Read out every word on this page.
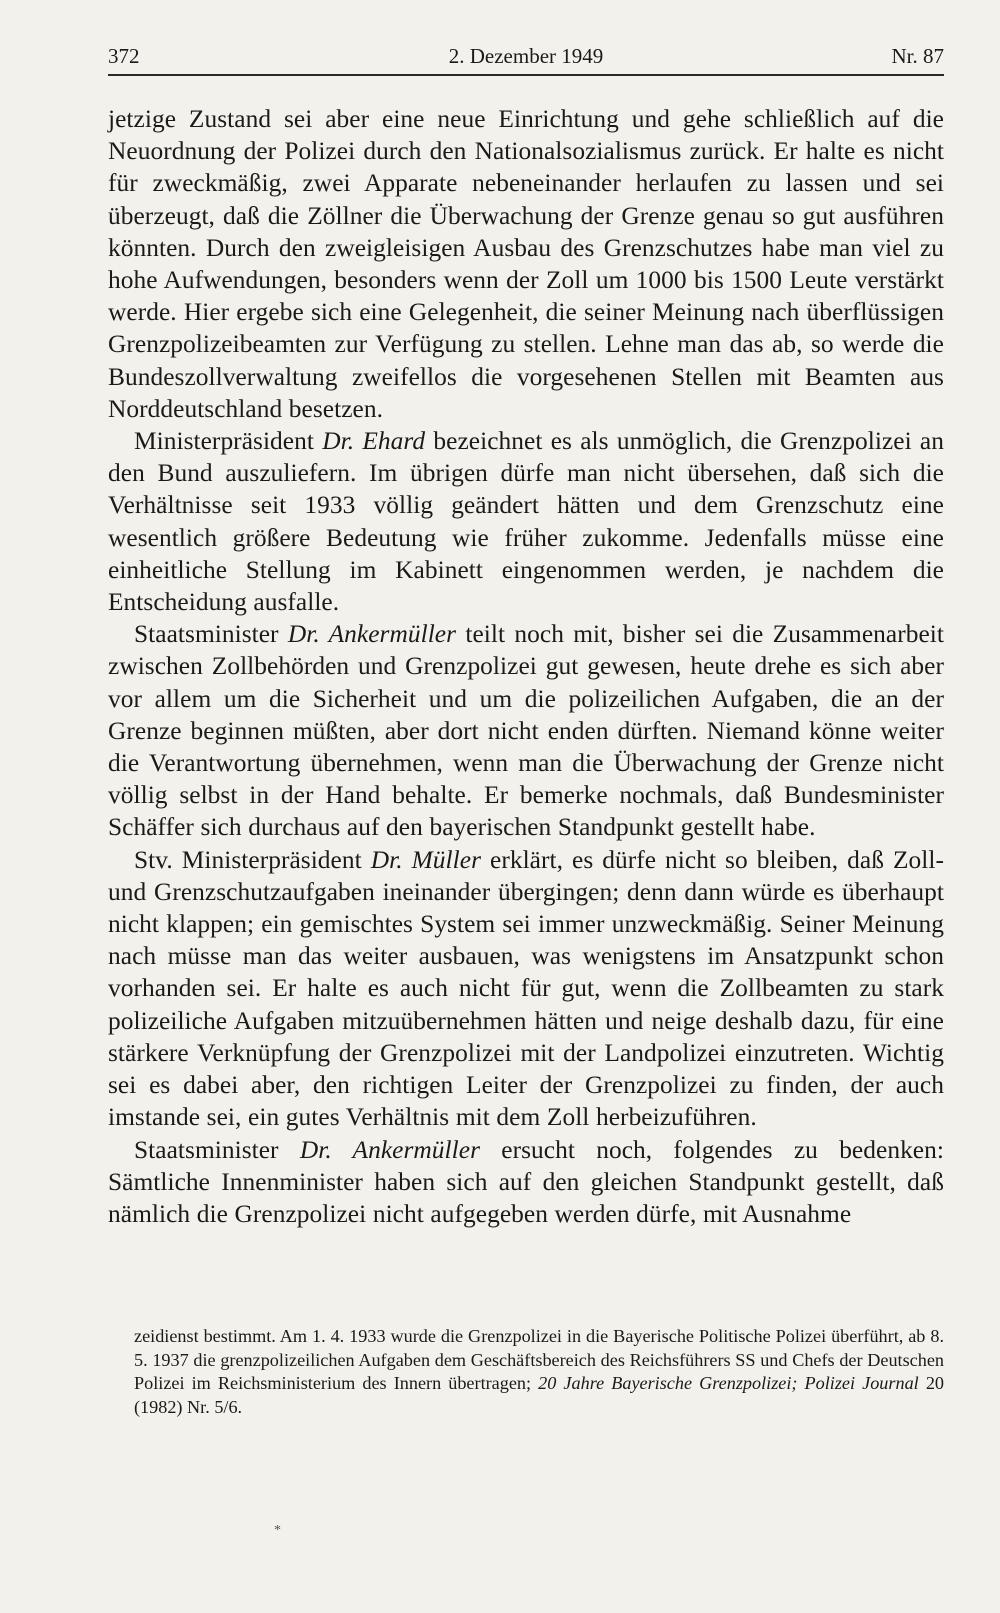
372	2. Dezember 1949	Nr. 87

jetzige Zustand sei aber eine neue Einrichtung und gehe schließlich auf die Neuordnung der Polizei durch den Nationalsozialismus zurück. Er halte es nicht für zweckmäßig, zwei Apparate nebeneinander herlaufen zu lassen und sei überzeugt, daß die Zöllner die Überwachung der Grenze genau so gut ausführen könnten. Durch den zweigleisigen Ausbau des Grenzschutzes habe man viel zu hohe Aufwendungen, besonders wenn der Zoll um 1000 bis 1500 Leute verstärkt werde. Hier ergebe sich eine Gelegenheit, die seiner Meinung nach überflüssigen Grenzpolizeibeamten zur Verfügung zu stellen. Lehne man das ab, so werde die Bundeszollverwaltung zweifellos die vorgesehenen Stellen mit Beamten aus Norddeutschland besetzen.

Ministerpräsident Dr. Ehard bezeichnet es als unmöglich, die Grenzpolizei an den Bund auszuliefern. Im übrigen dürfe man nicht übersehen, daß sich die Verhältnisse seit 1933 völlig geändert hätten und dem Grenzschutz eine wesentlich größere Bedeutung wie früher zukomme. Jedenfalls müsse eine einheitliche Stellung im Kabinett eingenommen werden, je nachdem die Entscheidung ausfalle.

Staatsminister Dr. Ankermüller teilt noch mit, bisher sei die Zusammenarbeit zwischen Zollbehörden und Grenzpolizei gut gewesen, heute drehe es sich aber vor allem um die Sicherheit und um die polizeilichen Aufgaben, die an der Grenze beginnen müßten, aber dort nicht enden dürften. Niemand könne weiter die Verantwortung übernehmen, wenn man die Überwachung der Grenze nicht völlig selbst in der Hand behalte. Er bemerke nochmals, daß Bundesminister Schäffer sich durchaus auf den bayerischen Standpunkt gestellt habe.

Stv. Ministerpräsident Dr. Müller erklärt, es dürfe nicht so bleiben, daß Zoll- und Grenzschutzaufgaben ineinander übergingen; denn dann würde es überhaupt nicht klappen; ein gemischtes System sei immer unzweckmäßig. Seiner Meinung nach müsse man das weiter ausbauen, was wenigstens im Ansatzpunkt schon vorhanden sei. Er halte es auch nicht für gut, wenn die Zollbeamten zu stark polizeiliche Aufgaben mitzuübernehmen hätten und neige deshalb dazu, für eine stärkere Verknüpfung der Grenzpolizei mit der Landpolizei einzutreten. Wichtig sei es dabei aber, den richtigen Leiter der Grenzpolizei zu finden, der auch imstande sei, ein gutes Verhältnis mit dem Zoll herbeizuführen.

Staatsminister Dr. Ankermüller ersucht noch, folgendes zu bedenken: Sämtliche Innenminister haben sich auf den gleichen Standpunkt gestellt, daß nämlich die Grenzpolizei nicht aufgegeben werden dürfe, mit Ausnahme

zeidienst bestimmt. Am 1. 4. 1933 wurde die Grenzpolizei in die Bayerische Politische Polizei überführt, ab 8. 5. 1937 die grenzpolizeilichen Aufgaben dem Geschäftsbereich des Reichsführers SS und Chefs der Deutschen Polizei im Reichsministerium des Innern übertragen; 20 Jahre Bayerische Grenzpolizei; Polizei Journal 20 (1982) Nr. 5/6.

*
